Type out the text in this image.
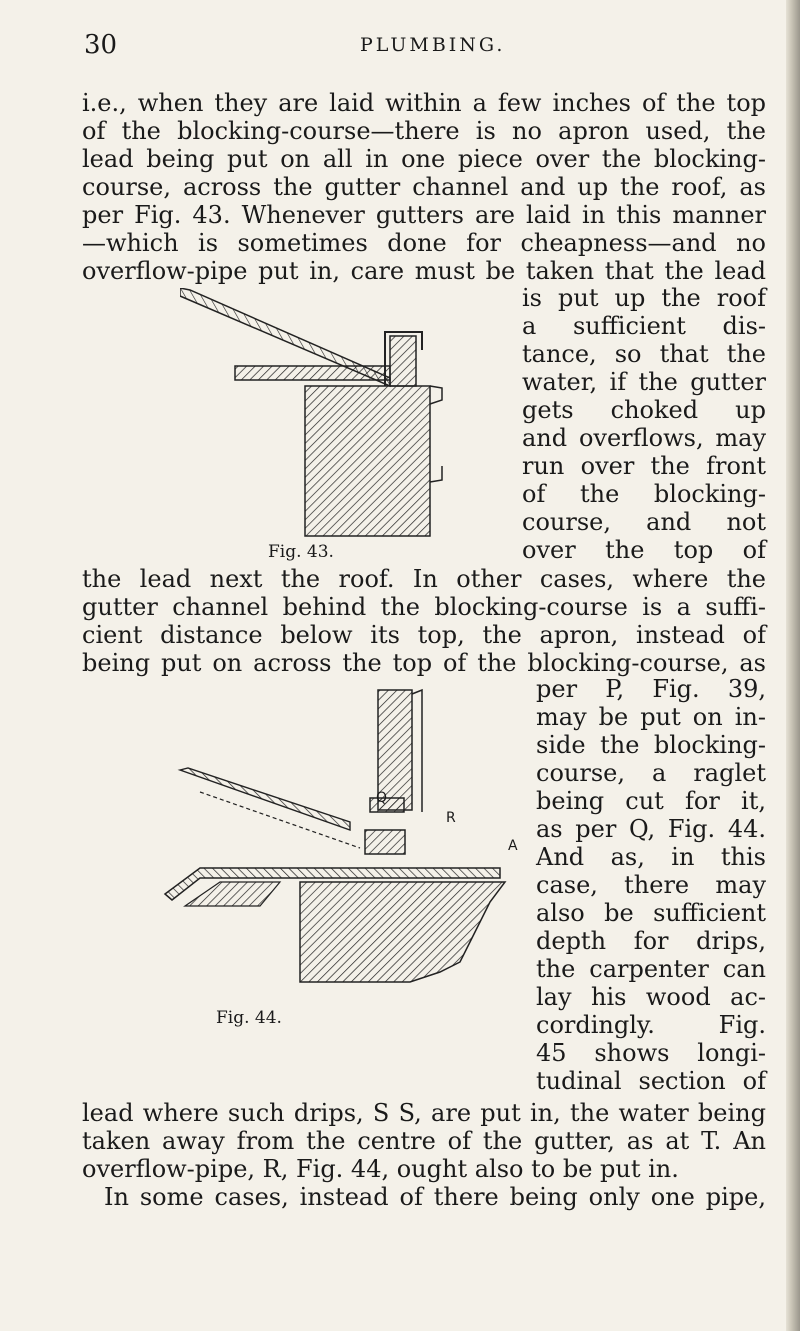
30	PLUMBING.
i.e., when they are laid within a few inches of the top
of the blocking-course—there is no apron used, the
lead being put on all in one piece over the blocking-
course, across the gutter channel and up the roof, as
per Fig. 43. Whenever gutters are laid in this manner
—which is sometimes done for cheapness—and no
overflow-pipe put in, care must be taken that the lead
Fig. 43.
is put up the roof
a sufficient dis-
tance, so that the
water, if the gutter
gets choked up
and overflows, may
run over the front
of the blocking-
course, and not
over the top of
the lead next the roof. In other cases, where the
gutter channel behind the blocking-course is a suffi-
cient distance below its top, the apron, instead of
being put on across the top of the blocking-course, as
Q
R
A
Fig. 44.
per P, Fig. 39,
may be put on in-
side the blocking-
course, a raglet
being cut for it,
as per Q, Fig. 44.
And as, in this
case, there may
also be sufficient
depth for drips,
the carpenter can
lay his wood ac-
cordingly. Fig.
45 shows longi-
tudinal section of
lead where such drips, S S, are put in, the water being
taken away from the centre of the gutter, as at T. An
overflow-pipe, R, Fig. 44, ought also to be put in.
In some cases, instead of there being only one pipe,
